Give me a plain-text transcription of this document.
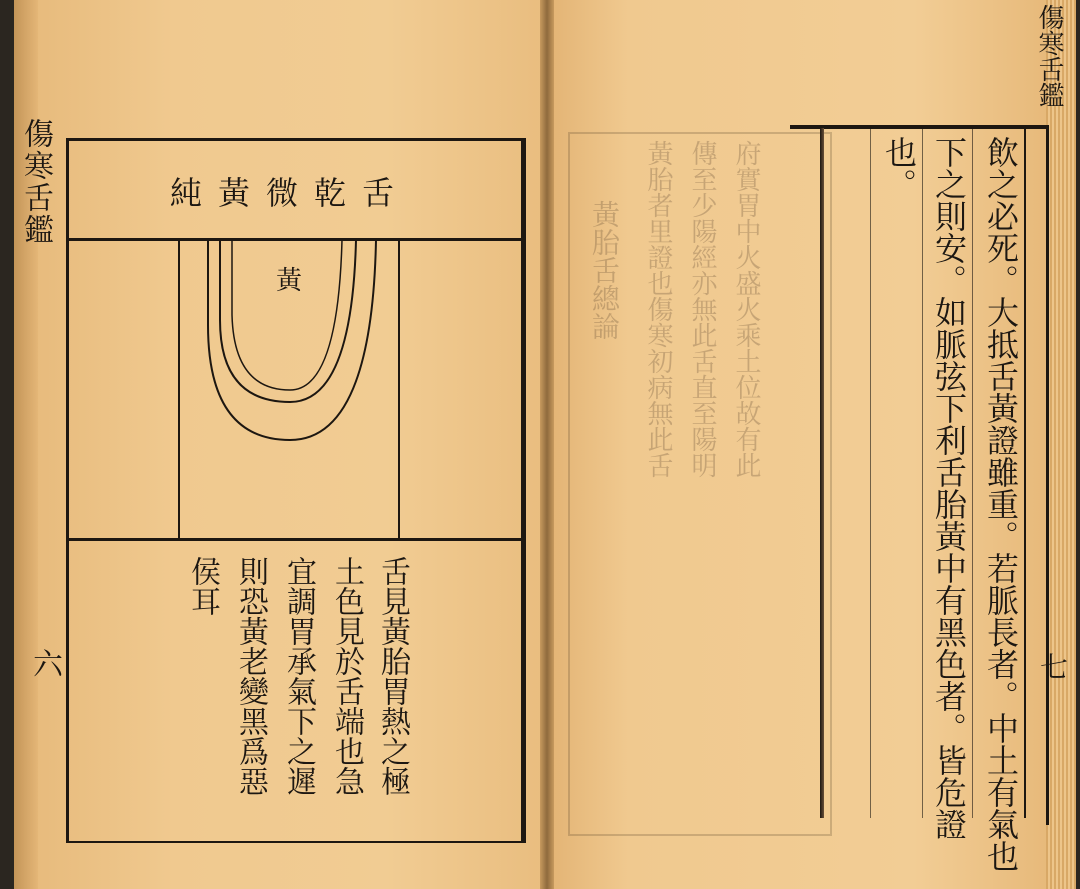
傷寒舌鑑
六
純黃微乾舌
黃
舌見黃胎胃熱之極
土色見於舌端也急
宜調胃承氣下之遲
則恐黃老變黑爲惡
侯耳
黃胎舌總論 黃胎者里證也傷寒初病無此舌 傳至少陽經亦無此舌直至陽明 府實胃中火盛火乘土位故有此	飲之必死。大抵舌黃證雖重。若脈長者。中土有氣也
下之則安。如脈弦下利舌胎黃中有黑色者。皆危證
也。
傷寒舌鑑
七
